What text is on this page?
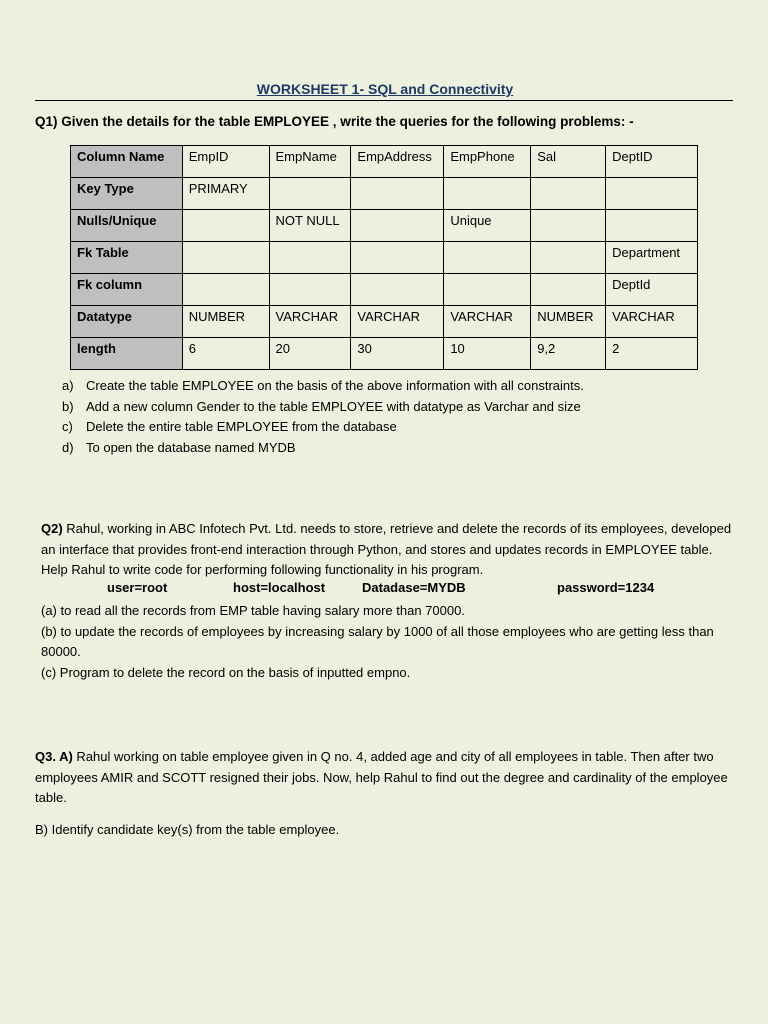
WORKSHEET 1- SQL and Connectivity
Q1) Given the details for the table EMPLOYEE ‚ write the queries for the following problems: -
Column Name	EmpID	EmpName	EmpAddress	EmpPhone	Sal	DeptID
Key Type	PRIMARY					
Nulls/Unique		NOT NULL		Unique		
Fk Table						Department
Fk column						DeptId
Datatype	NUMBER	VARCHAR	VARCHAR	VARCHAR	NUMBER	VARCHAR
length	6	20	30	10	9,2	2
a) Create the table EMPLOYEE on the basis of the above information with all constraints.
b) Add a new column Gender to the table EMPLOYEE with datatype as Varchar and size
c) Delete the entire table EMPLOYEE from the database
d) To open the database named MYDB
Q2) Rahul, working in ABC Infotech Pvt. Ltd. needs to store, retrieve and delete the records of its employees, developed an interface that provides front-end interaction through Python, and stores and updates records in EMPLOYEE table. Help Rahul to write code for performing following functionality in his program.
user=root	host=localhost	Datadase=MYDB	password=1234
(a) to read all the records from EMP table having salary more than 70000.
(b) to update the records of employees by increasing salary by 1000 of all those employees who are getting less than 80000.
(c) Program to delete the record on the basis of inputted empno.
Q3. A) Rahul working on table employee given in Q no. 4, added age and city of all employees in table. Then after two employees AMIR and SCOTT resigned their jobs. Now, help Rahul to find out the degree and cardinality of the employee table.
B) Identify candidate key(s) from the table employee.
